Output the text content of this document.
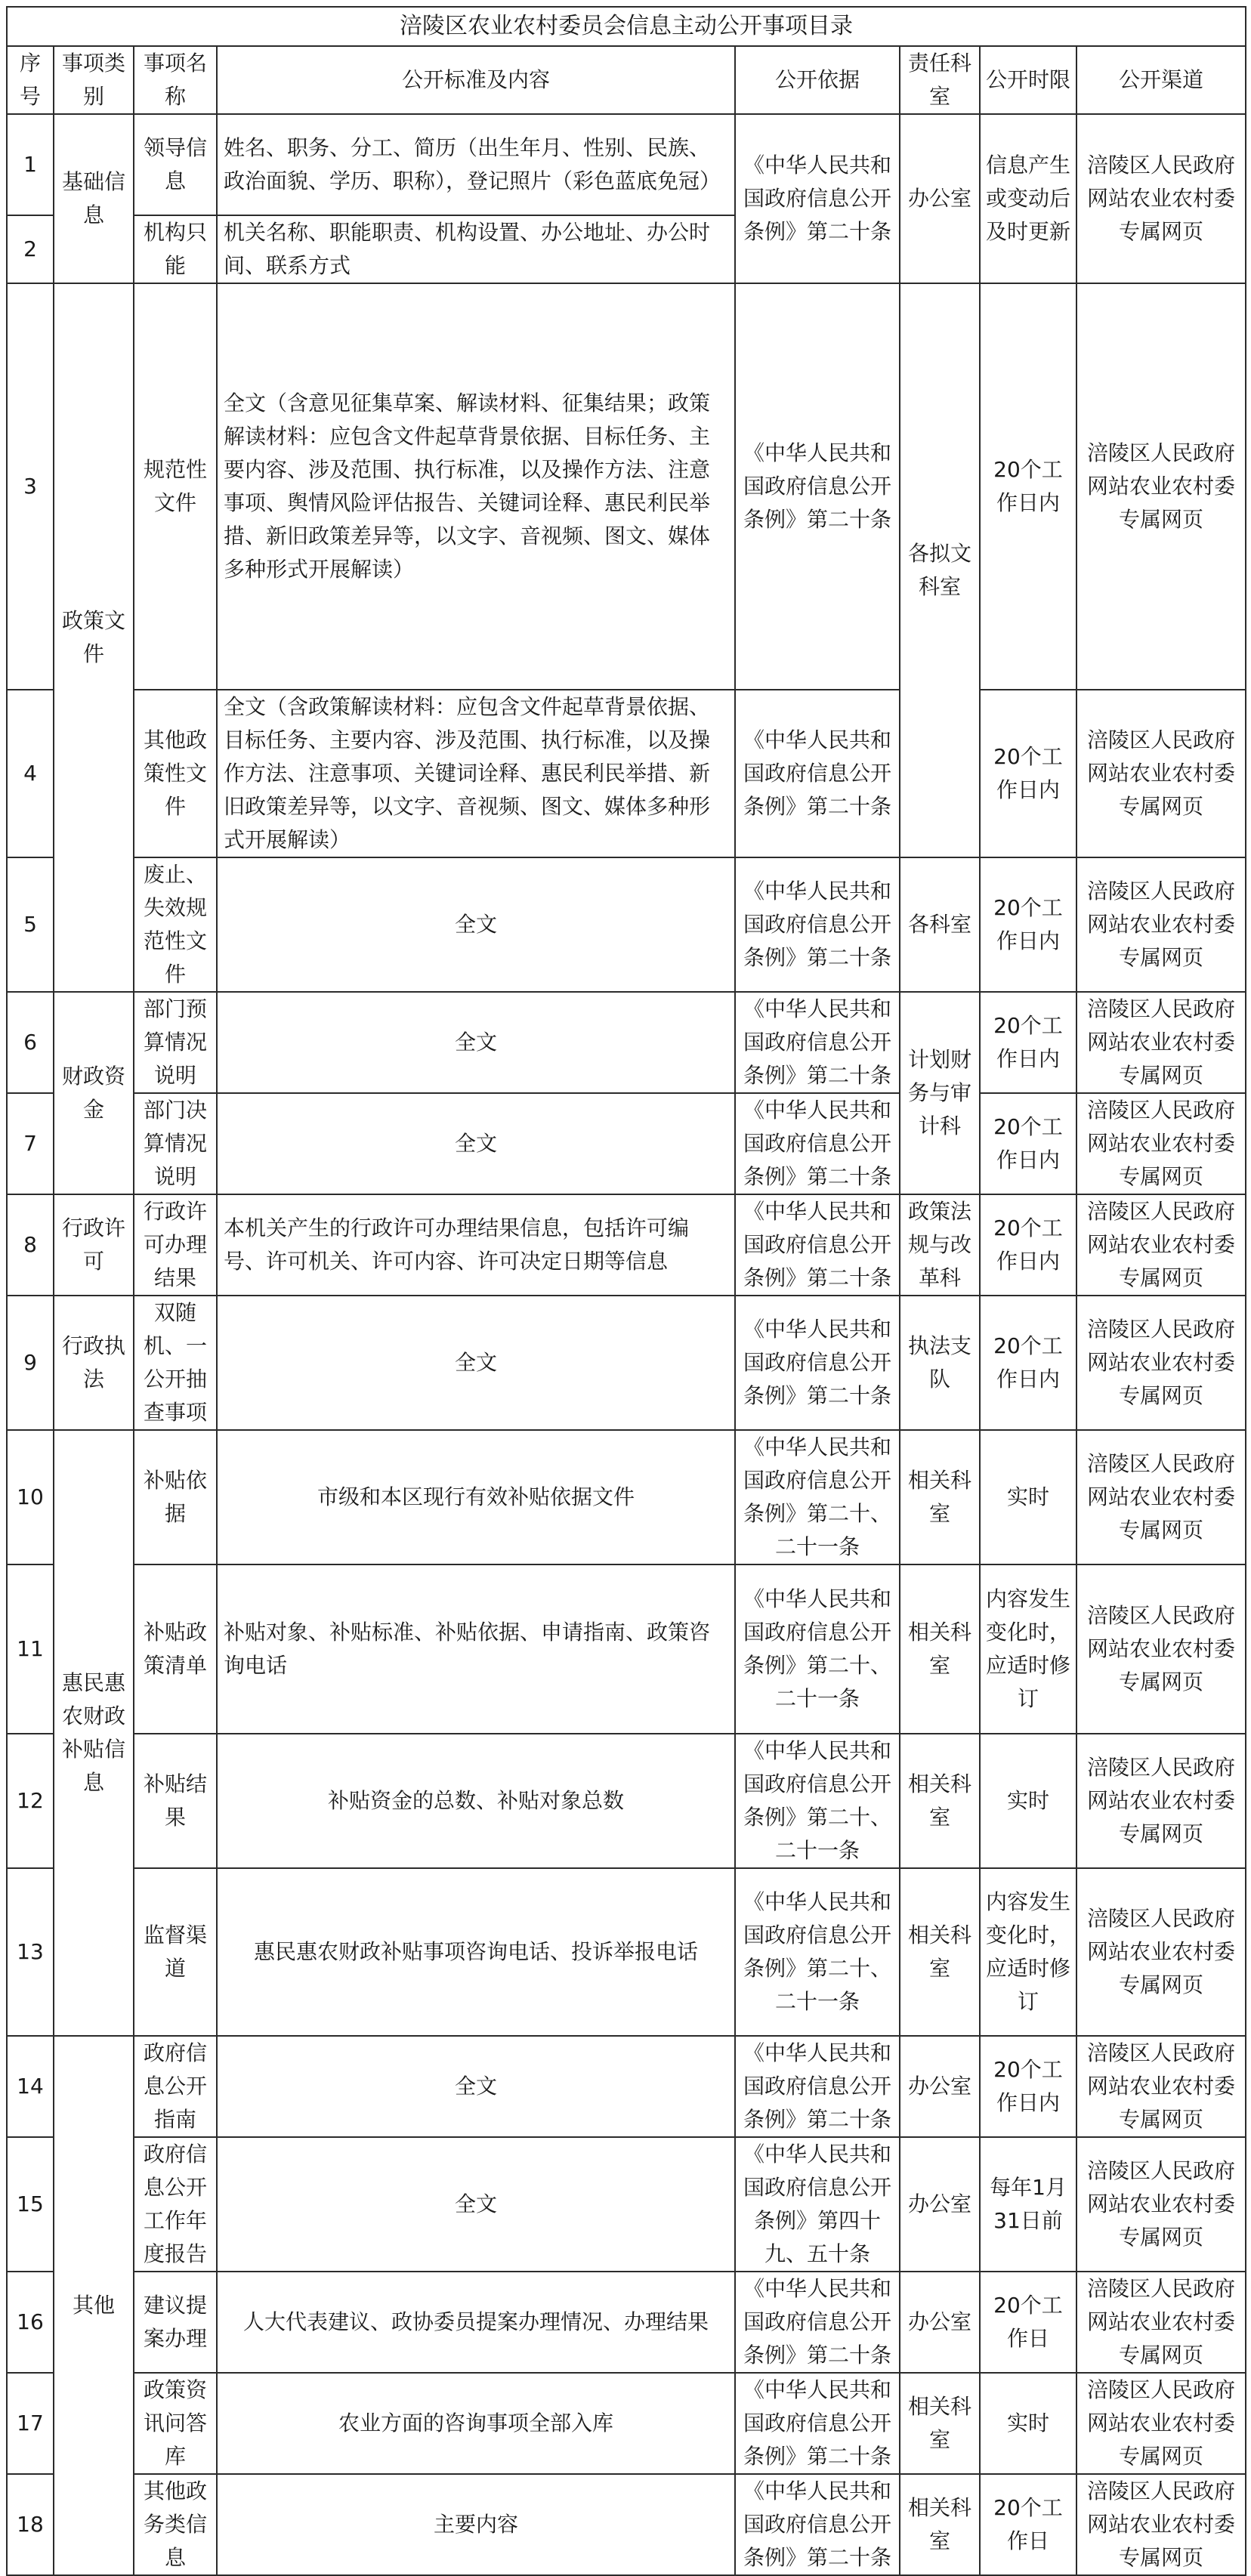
涪陵区农业农村委员会信息主动公开事项目录							
序号	事项类别	事项名称	公开标准及内容	公开依据	责任科室	公开时限	公开渠道
1	基础信息	领导信息	姓名、职务、分工、简历（出生年月、性别、民族、政治面貌、学历、职称），登记照片（彩色蓝底免冠）	《中华人民共和国政府信息公开条例》第二十条	办公室	信息产生或变动后及时更新	涪陵区人民政府网站农业农村委专属网页
2		机构只能	机关名称、职能职责、机构设置、办公地址、办公时间、联系方式				
3	政策文件	规范性文件	全文（含意见征集草案、解读材料、征集结果；政策解读材料：应包含文件起草背景依据、目标任务、主要内容、涉及范围、执行标准，以及操作方法、注意事项、舆情风险评估报告、关键词诠释、惠民利民举措、新旧政策差异等，以文字、音视频、图文、媒体多种形式开展解读）	《中华人民共和国政府信息公开条例》第二十条	各拟文科室	20个工作日内	涪陵区人民政府网站农业农村委专属网页
4		其他政策性文件	全文（含政策解读材料：应包含文件起草背景依据、目标任务、主要内容、涉及范围、执行标准，以及操作方法、注意事项、关键词诠释、惠民利民举措、新旧政策差异等，以文字、音视频、图文、媒体多种形式开展解读）	《中华人民共和国政府信息公开条例》第二十条		20个工作日内	涪陵区人民政府网站农业农村委专属网页
5		废止、失效规范性文件	全文	《中华人民共和国政府信息公开条例》第二十条	各科室	20个工作日内	涪陵区人民政府网站农业农村委专属网页
6	财政资金	部门预算情况说明	全文	《中华人民共和国政府信息公开条例》第二十条	计划财务与审计科	20个工作日内	涪陵区人民政府网站农业农村委专属网页
7		部门决算情况说明	全文	《中华人民共和国政府信息公开条例》第二十条		20个工作日内	涪陵区人民政府网站农业农村委专属网页
8	行政许可	行政许可办理结果	本机关产生的行政许可办理结果信息，包括许可编号、许可机关、许可内容、许可决定日期等信息	《中华人民共和国政府信息公开条例》第二十条	政策法规与改革科	20个工作日内	涪陵区人民政府网站农业农村委专属网页
9	行政执法	双随机、一公开抽查事项	全文	《中华人民共和国政府信息公开条例》第二十条	执法支队	20个工作日内	涪陵区人民政府网站农业农村委专属网页
10	惠民惠农财政补贴信息	补贴依据	市级和本区现行有效补贴依据文件	《中华人民共和国政府信息公开条例》第二十、二十一条	相关科室	实时	涪陵区人民政府网站农业农村委专属网页
11		补贴政策清单	补贴对象、补贴标准、补贴依据、申请指南、政策咨询电话	《中华人民共和国政府信息公开条例》第二十、二十一条	相关科室	内容发生变化时，应适时修订	涪陵区人民政府网站农业农村委专属网页
12		补贴结果	补贴资金的总数、补贴对象总数	《中华人民共和国政府信息公开条例》第二十、二十一条	相关科室	实时	涪陵区人民政府网站农业农村委专属网页
13		监督渠道	惠民惠农财政补贴事项咨询电话、投诉举报电话	《中华人民共和国政府信息公开条例》第二十、二十一条	相关科室	内容发生变化时，应适时修订	涪陵区人民政府网站农业农村委专属网页
14	其他	政府信息公开指南	全文	《中华人民共和国政府信息公开条例》第二十条	办公室	20个工作日内	涪陵区人民政府网站农业农村委专属网页
15		政府信息公开工作年度报告	全文	《中华人民共和国政府信息公开条例》第四十九、五十条	办公室	每年1月31日前	涪陵区人民政府网站农业农村委专属网页
16		建议提案办理	人大代表建议、政协委员提案办理情况、办理结果	《中华人民共和国政府信息公开条例》第二十条	办公室	20个工作日	涪陵区人民政府网站农业农村委专属网页
17		政策资讯问答库	农业方面的咨询事项全部入库	《中华人民共和国政府信息公开条例》第二十条	相关科室	实时	涪陵区人民政府网站农业农村委专属网页
18		其他政务类信息	主要内容	《中华人民共和国政府信息公开条例》第二十条	相关科室	20个工作日	涪陵区人民政府网站农业农村委专属网页
